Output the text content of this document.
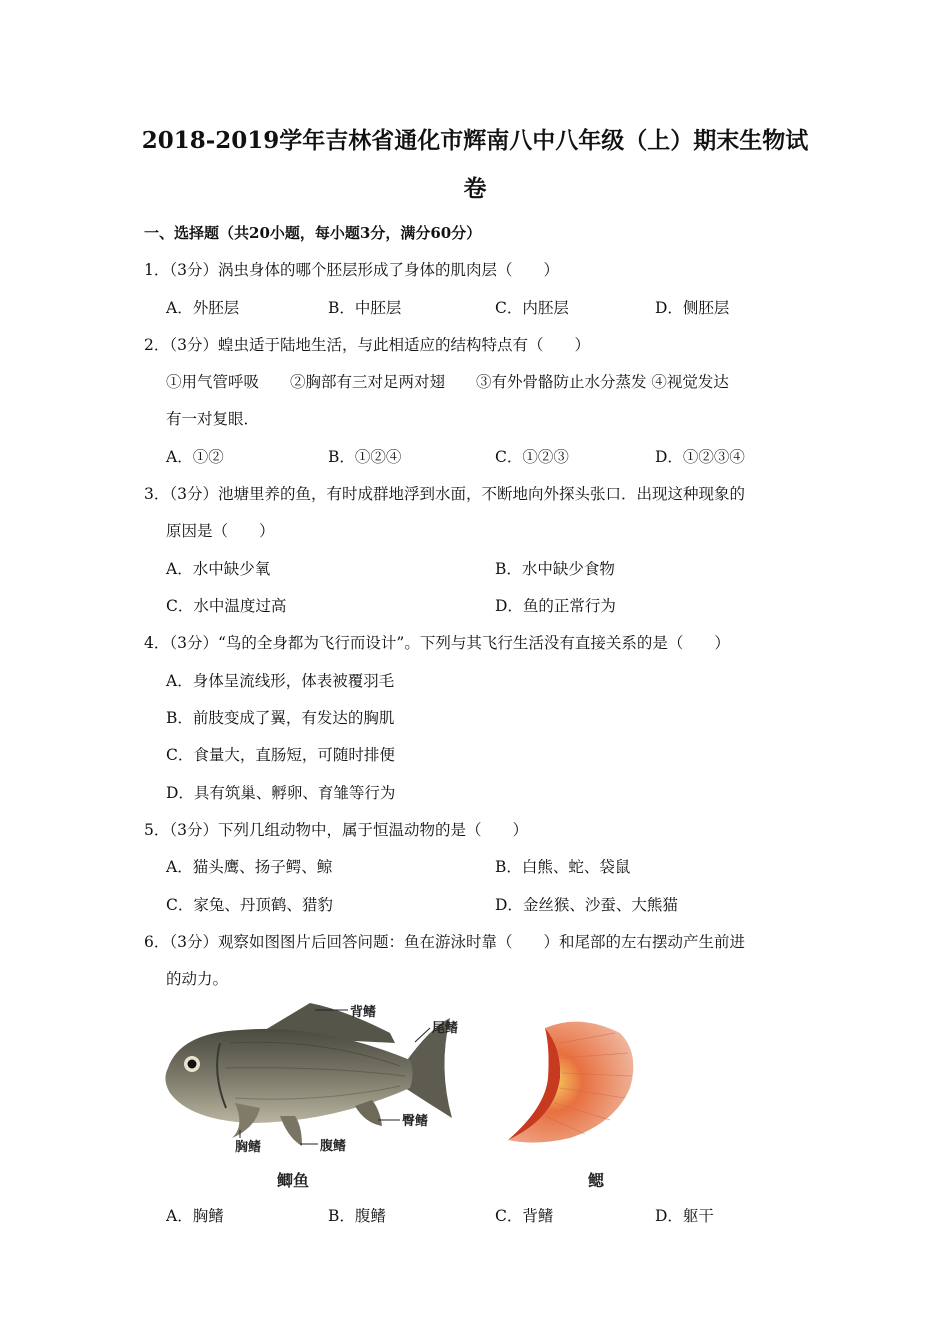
2018-2019学年吉林省通化市辉南八中八年级（上）期末生物试
卷
一、选择题（共20小题，每小题3分，满分60分）
1．（3分）涡虫身体的哪个胚层形成了身体的肌肉层（　　）
A．外胚层	B．中胚层	C．内胚层	D．侧胚层
2．（3分）蝗虫适于陆地生活，与此相适应的结构特点有（　　）
①用气管呼吸　　②胸部有三对足两对翅　　③有外骨骼防止水分蒸发 ④视觉发达
有一对复眼．
A．①②	B．①②④	C．①②③	D．①②③④
3．（3分）池塘里养的鱼，有时成群地浮到水面，不断地向外探头张口．出现这种现象的
原因是（　　）
A．水中缺少氧	B．水中缺少食物
C．水中温度过高	D．鱼的正常行为
4．（3分）“鸟的全身都为飞行而设计”。下列与其飞行生活没有直接关系的是（　　）
A．身体呈流线形，体表被覆羽毛
B．前肢变成了翼，有发达的胸肌
C．食量大，直肠短，可随时排便
D．具有筑巢、孵卵、育雏等行为
5．（3分）下列几组动物中，属于恒温动物的是（　　）
A．猫头鹰、扬子鳄、鲸	B．白熊、蛇、袋鼠
C．家兔、丹顶鹤、猎豹	D．金丝猴、沙蚕、大熊猫
6．（3分）观察如图图片后回答问题：鱼在游泳时靠（　　）和尾部的左右摆动产生前进
的动力。
背鳍
尾鳍
臀鳍
胸鳍	腹鳍
鲫鱼	鳃
A．胸鳍	B．腹鳍	C．背鳍	D．躯干
